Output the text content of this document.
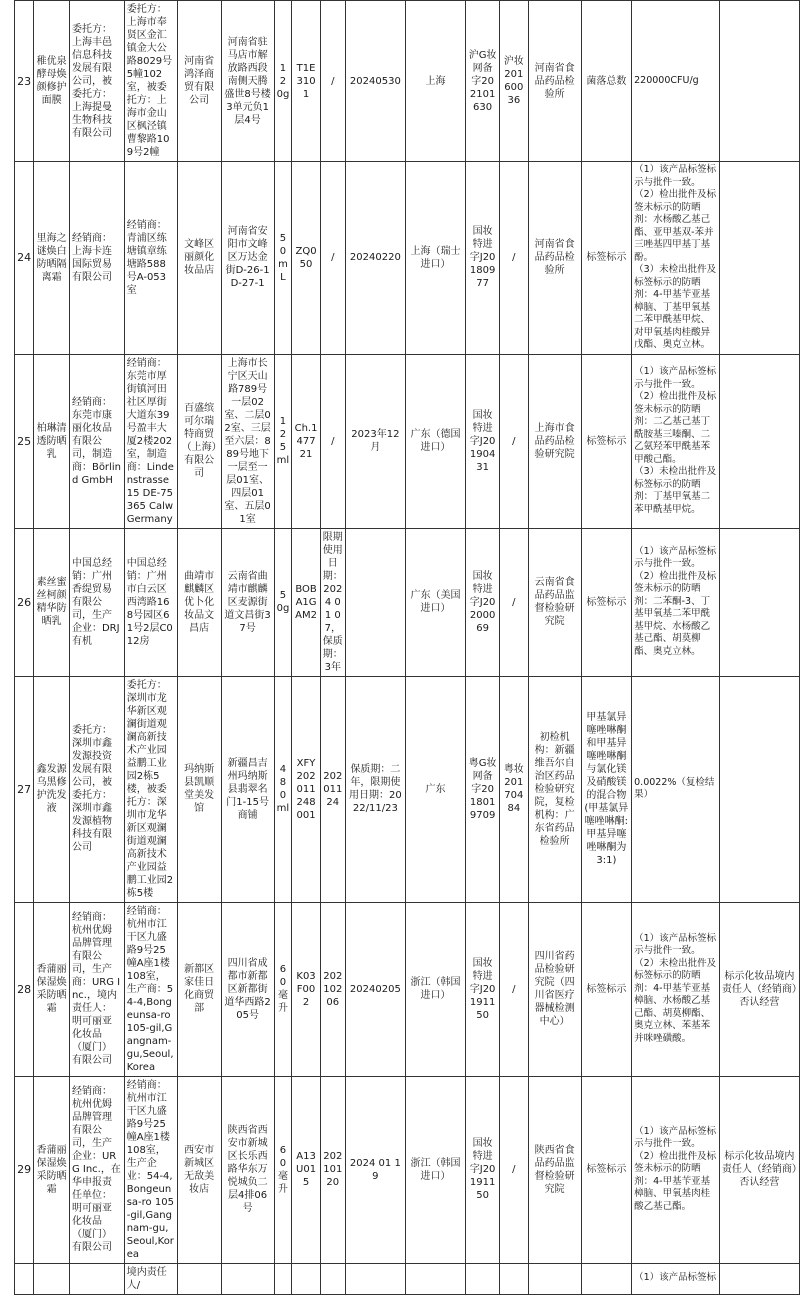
23	稚优泉酵母焕颜修护面膜	委托方：上海丰邑信息科技发展有限公司，被委托方：上海提曼生物科技有限公司	委托方：上海市奉贤区金汇镇金大公路8029号5幢102室，被委托方：上海市金山区枫泾镇曹黎路109号2幢	河南省鸿泽商贸有限公司	河南省驻马店市解放路西段南侧天腾盛世8号楼3单元负1层4号	120g	T1E3101	/	20240530	上海	沪G妆网备字202101630	沪妆20160036	河南省食品药品检验所	菌落总数	220000CFU/g	
24	里海之谜焕白防晒隔离霜	经销商：上海卡连国际贸易有限公司	经销商：青浦区练塘镇章练塘路588号A-053室	文峰区丽颜化妆品店	河南省安阳市文峰区万达金街D-26-1D-27-1	50mL	ZQ050	/	20240220	上海（瑞士进口）	国妆特进字J20180977	/	河南省食品药品检验所	标签标示	（1）该产品标签标示与批件一致。
（2）检出批件及标签未标示的防晒剂：水杨酸乙基己酯、亚甲基双-苯并三唑基四甲基丁基酚。
（3）未检出批件及标签标示的防晒剂：4-甲基苄亚基樟脑、丁基甲氧基二苯甲酰基甲烷、对甲氧基肉桂酸异戊酯、奥克立林。	
25	柏琳清透防晒乳	经销商：东莞市康丽化妆品有限公司，制造商：Börlind GmbH	经销商：东莞市厚街镇河田社区厚街大道东39号盈丰大厦2楼202室，制造商：Lindenstrasse 15 DE-75365 Calw Germany	百盛缤可尔瑞特商贸（上海）有限公司	上海市长宁区天山路789号一层02室、二层02室、三层至六层：889号地下一层至一层01室、四层01室、五层01室	125ml	Ch.147721	/	2023年12月	广东（德国进口）	国妆特进字J20190431	/	上海市食品药品检验研究院	标签标示	（1）该产品标签标示与批件一致。
（2）检出批件及标签未标示的防晒剂：二乙基己基丁酰胺基三嗪酮、二乙氨羟苯甲酰基苯甲酸己酯。
（3）未检出批件及标签标示的防晒剂：丁基甲氧基二苯甲酰基甲烷。	
26	素丝蜜丝柯颜精华防晒乳	中国总经销：广州香缇贸易有限公司，生产企业：DRJ有机	中国总经销：广州市白云区西湾路168号园区61号2层C012房	曲靖市麒麟区优卜化妆品文昌店	云南省曲靖市麒麟区麦源街道文昌街37号	50g	BOBA1GAM2	限期使用日期：2024 01 07，保质期：3年		广东（美国进口）	国妆特进字J20200069	/	云南省食品药品监督检验研究院	标签标示	（1）该产品标签标示与批件一致。
（2）检出批件及标签未标示的防晒剂：二苯酮-3、丁基甲氧基二苯甲酰基甲烷、水杨酸乙基己酯、胡莫柳酯、奥克立林。	
27	鑫发源乌黑修护洗发液	委托方：深圳市鑫发源投资发展有限公司，被委托方：深圳市鑫发源植物科技有限公司	委托方：深圳市龙华新区观澜街道观澜高新技术产业园益鹏工业园2栋5楼，被委托方：深圳市龙华新区观澜街道观澜高新技术产业园益鹏工业园2栋5楼	玛纳斯县凯顺堂美发馆	新疆昌吉州玛纳斯县翡翠名门1-15号商铺	480ml	XFY202011248001	20201124	保质期：二年，限期使用日期：2022/11/23	广东	粤G妆网备字2018019709	粤妆20170484	初检机构：新疆维吾尔自治区药品检验研究院，复检机构：广东省药品检验所	甲基氯异噻唑啉酮和甲基异噻唑啉酮与氯化镁及硝酸镁的混合物(甲基氯异噻唑啉酮:甲基异噻唑啉酮为3:1)	0.0022%（复检结果）	
28	香蒲丽保湿焕采防晒霜	经销商：杭州优姆品牌管理有限公司，生产商：URG Inc.，境内责任人：明可丽亚化妆品（厦门）有限公司	经销商：杭州市江干区九盛路9号25幢A座1楼108室，生产商：54-4,Bongeunsa-ro 105-gil,Gangnam-gu,Seoul,Korea	新都区家佳日化商贸部	四川省成都市新都区新都街道华西路205号	60毫升	K03F002	20210206	20240205	浙江（韩国进口）	国妆特进字J20191150	/	四川省药品检验研究院（四川省医疗器械检测中心）	标签标示	（1）该产品标签标示与批件一致。
（2）未检出批件及标签标示的防晒剂：4-甲基苄亚基樟脑、水杨酸乙基己酯、胡莫柳酯、奥克立林、苯基苯并咪唑磺酸。	标示化妆品境内责任人（经销商）否认经营
29	香蒲丽保湿焕采防晒霜	经销商：杭州优姆品牌管理有限公司，生产企业：URG Inc.，在华申报责任单位：明可丽亚化妆品（厦门）有限公司	经销商：杭州市江干区九盛路9号25幢A座1楼108室，生产企业：54-4,Bongeunsa-ro 105-gil,Gangnam-gu,Seoul,Korea	西安市新城区无敌美妆店	陕西省西安市新城区长乐西路华东万悦城负二层4排06号	60毫升	A13U015	20210120	2024 01 19	浙江（韩国进口）	国妆特进字J20191150	/	陕西省食品药品监督检验研究院	标签标示	（1）该产品标签标示与批件一致。
（2）检出批件及标签未标示的防晒剂：4-甲基苄亚基樟脑、甲氧基肉桂酸乙基己酯。	标示化妆品境内责任人（经销商）否认经营
			境内责任人/												（1）该产品标签标	
